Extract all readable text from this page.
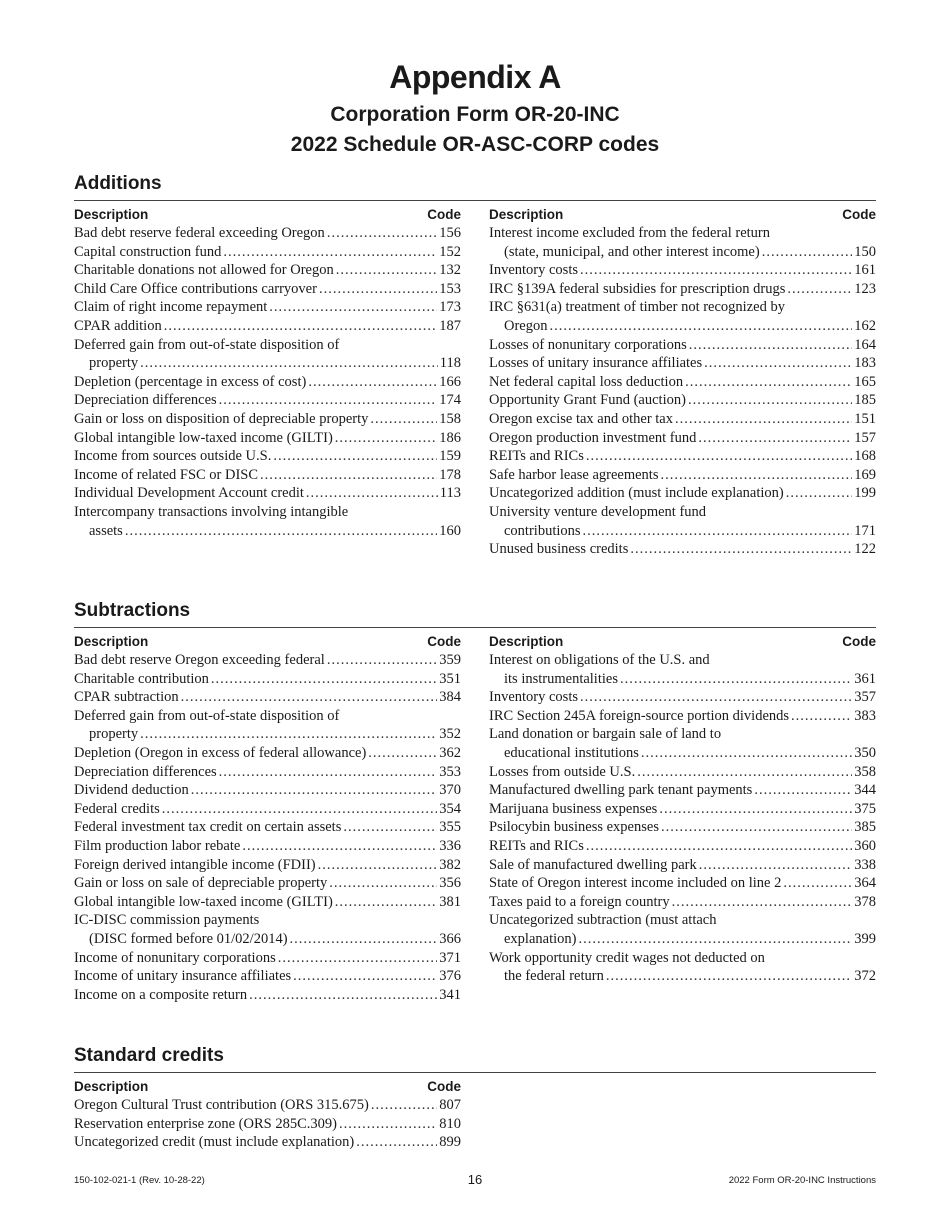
Appendix A
Corporation Form OR-20-INC
2022 Schedule OR-ASC-CORP codes
Additions
Description	Code
Bad debt reserve federal exceeding Oregon .....	156
Capital construction fund .....	152
Charitable donations not allowed for Oregon .....	132
Child Care Office contributions carryover .....	153
Claim of right income repayment .....	173
CPAR addition .....	187
Deferred gain from out-of-state disposition of
property .....	118
Depletion (percentage in excess of cost) .....	166
Depreciation differences .....	174
Gain or loss on disposition of depreciable property .....	158
Global intangible low-taxed income (GILTI) .....	186
Income from sources outside U.S. .....	159
Income of related FSC or DISC .....	178
Individual Development Account credit .....	113
Intercompany transactions involving intangible
assets .....	160
Description	Code
Interest income excluded from the federal return
(state, municipal, and other interest income) .....	150
Inventory costs .....	161
IRC §139A federal subsidies for prescription drugs .....	123
IRC §631(a) treatment of timber not recognized by
Oregon .....	162
Losses of nonunitary corporations .....	164
Losses of unitary insurance affiliates .....	183
Net federal capital loss deduction .....	165
Opportunity Grant Fund (auction) .....	185
Oregon excise tax and other tax .....	151
Oregon production investment fund .....	157
REITs and RICs .....	168
Safe harbor lease agreements .....	169
Uncategorized addition (must include explanation) .....	199
University venture development fund
contributions .....	171
Unused business credits .....	122
Subtractions
Description	Code
Bad debt reserve Oregon exceeding federal .....	359
Charitable contribution .....	351
CPAR subtraction .....	384
Deferred gain from out-of-state disposition of
property .....	352
Depletion (Oregon in excess of federal allowance) .....	362
Depreciation differences .....	353
Dividend deduction .....	370
Federal credits .....	354
Federal investment tax credit on certain assets .....	355
Film production labor rebate .....	336
Foreign derived intangible income (FDII) .....	382
Gain or loss on sale of depreciable property .....	356
Global intangible low-taxed income (GILTI) .....	381
IC-DISC commission payments
(DISC formed before 01/02/2014) .....	366
Income of nonunitary corporations .....	371
Income of unitary insurance affiliates .....	376
Income on a composite return .....	341
Description	Code
Interest on obligations of the U.S. and
its instrumentalities .....	361
Inventory costs .....	357
IRC Section 245A foreign-source portion dividends .....	383
Land donation or bargain sale of land to
educational institutions .....	350
Losses from outside U.S. .....	358
Manufactured dwelling park tenant payments .....	344
Marijuana business expenses .....	375
Psilocybin business expenses .....	385
REITs and RICs .....	360
Sale of manufactured dwelling park .....	338
State of Oregon interest income included on line 2 .....	364
Taxes paid to a foreign country .....	378
Uncategorized subtraction (must attach
explanation) .....	399
Work opportunity credit wages not deducted on
the federal return .....	372
Standard credits
Description	Code
Oregon Cultural Trust contribution (ORS 315.675) .....	807
Reservation enterprise zone (ORS 285C.309) .....	810
Uncategorized credit (must include explanation) .....	899
150-102-021-1 (Rev. 10-28-22)	16	2022 Form OR-20-INC Instructions
